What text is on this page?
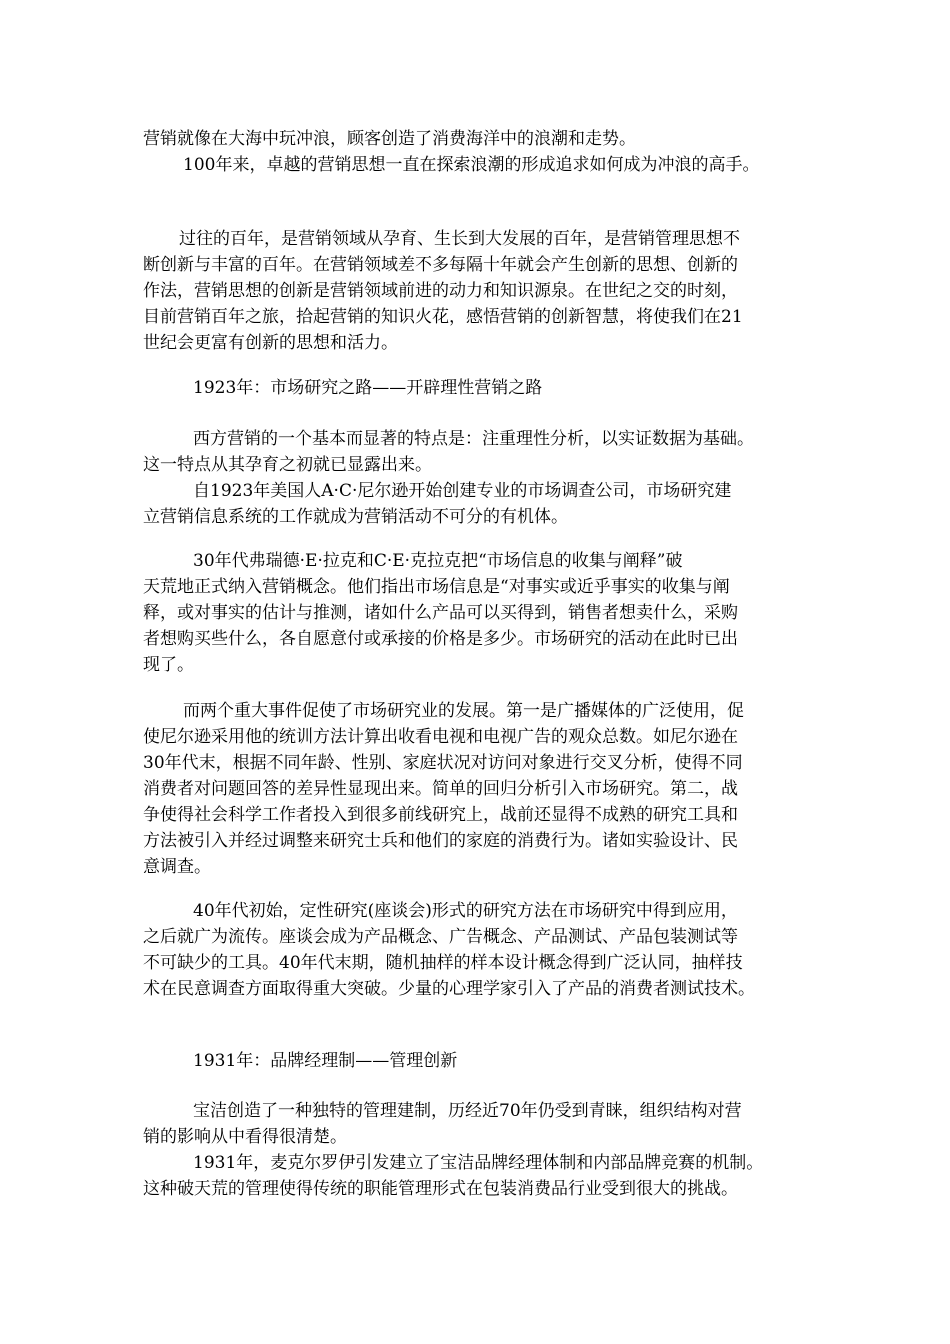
营销就像在大海中玩冲浪，顾客创造了消费海洋中的浪潮和走势。
100年来，卓越的营销思想一直在探索浪潮的形成追求如何成为冲浪的高手。
过往的百年，是营销领域从孕育、生长到大发展的百年，是营销管理思想不
断创新与丰富的百年。在营销领域差不多每隔十年就会产生创新的思想、创新的
作法，营销思想的创新是营销领域前进的动力和知识源泉。在世纪之交的时刻，
目前营销百年之旅，拾起营销的知识火花，感悟营销的创新智慧，将使我们在21
世纪会更富有创新的思想和活力。
1923年：市场研究之路——开辟理性营销之路
西方营销的一个基本而显著的特点是：注重理性分析，以实证数据为基础。
这一特点从其孕育之初就已显露出来。
自1923年美国人A·C·尼尔逊开始创建专业的市场调查公司，市场研究建
立营销信息系统的工作就成为营销活动不可分的有机体。
30年代弗瑞德·E·拉克和C·E·克拉克把“市场信息的收集与阐释”破
天荒地正式纳入营销概念。他们指出市场信息是“对事实或近乎事实的收集与阐
释，或对事实的估计与推测，诸如什么产品可以买得到，销售者想卖什么，采购
者想购买些什么，各自愿意付或承接的价格是多少。市场研究的活动在此时已出
现了。
而两个重大事件促使了市场研究业的发展。第一是广播媒体的广泛使用，促
使尼尔逊采用他的统训方法计算出收看电视和电视广告的观众总数。如尼尔逊在
30年代末，根据不同年龄、性别、家庭状况对访问对象进行交叉分析，使得不同
消费者对问题回答的差异性显现出来。简单的回归分析引入市场研究。第二，战
争使得社会科学工作者投入到很多前线研究上，战前还显得不成熟的研究工具和
方法被引入并经过调整来研究士兵和他们的家庭的消费行为。诸如实验设计、民
意调查。
40年代初始，定性研究(座谈会)形式的研究方法在市场研究中得到应用，
之后就广为流传。座谈会成为产品概念、广告概念、产品测试、产品包装测试等
不可缺少的工具。40年代末期，随机抽样的样本设计概念得到广泛认同，抽样技
术在民意调查方面取得重大突破。少量的心理学家引入了产品的消费者测试技术。
1931年：品牌经理制——管理创新
宝洁创造了一种独特的管理建制，历经近70年仍受到青睐，组织结构对营
销的影响从中看得很清楚。
1931年，麦克尔罗伊引发建立了宝洁品牌经理体制和内部品牌竞赛的机制。
这种破天荒的管理使得传统的职能管理形式在包装消费品行业受到很大的挑战。
